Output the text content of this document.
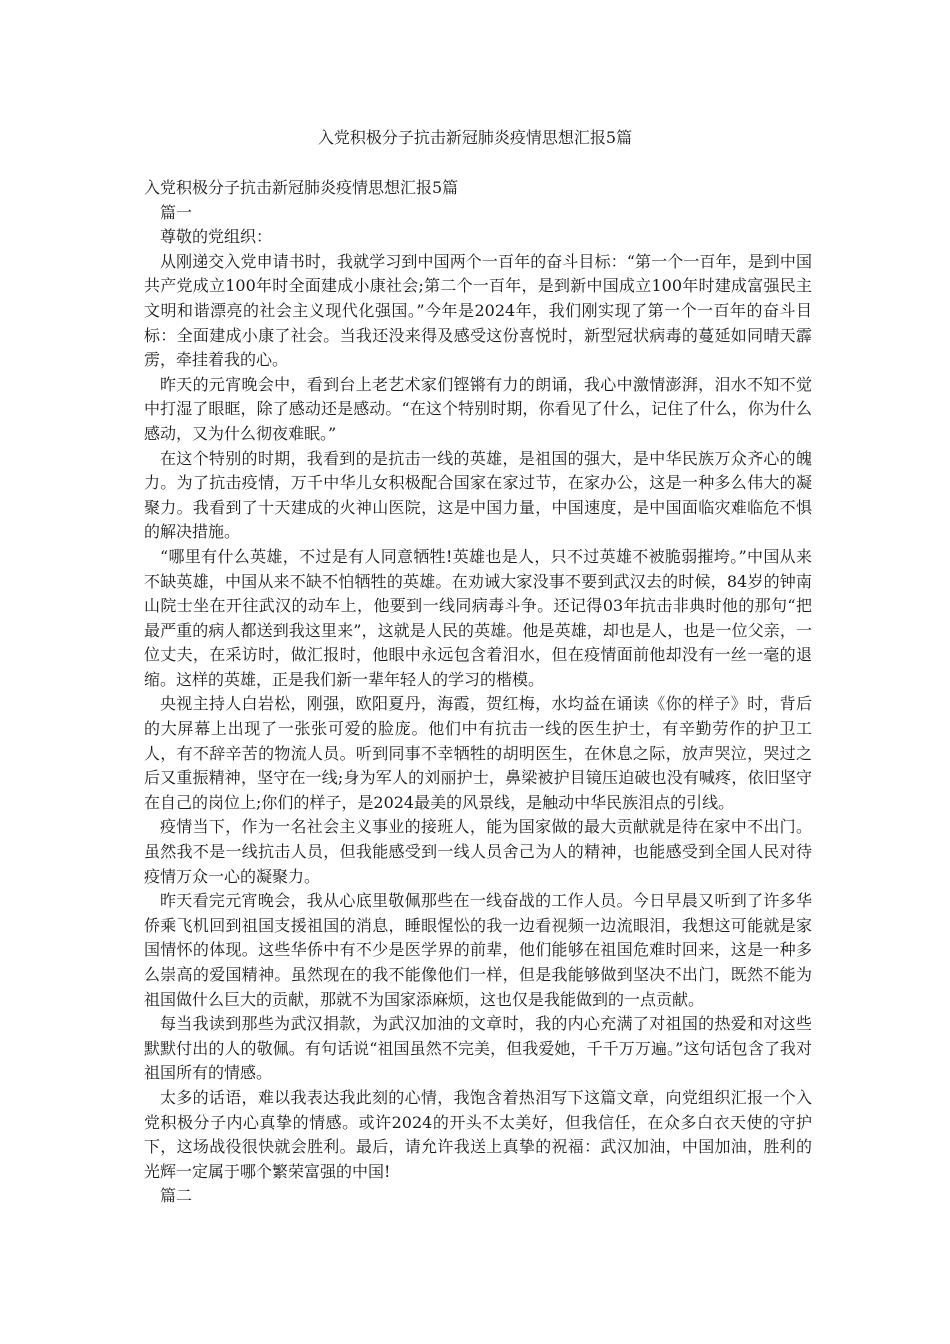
入党积极分子抗击新冠肺炎疫情思想汇报5篇

入党积极分子抗击新冠肺炎疫情思想汇报5篇

篇一

尊敬的党组织：

从刚递交入党申请书时，我就学习到中国两个一百年的奋斗目标：“第一个一百年，是到中国共产党成立100年时全面建成小康社会;第二个一百年，是到新中国成立100年时建成富强民主文明和谐漂亮的社会主义现代化强国。”今年是2024年，我们刚实现了第一个一百年的奋斗目标：全面建成小康了社会。当我还没来得及感受这份喜悦时，新型冠状病毒的蔓延如同晴天霹雳，牵挂着我的心。

昨天的元宵晚会中，看到台上老艺术家们铿锵有力的朗诵，我心中激情澎湃，泪水不知不觉中打湿了眼眶，除了感动还是感动。“在这个特别时期，你看见了什么，记住了什么，你为什么感动，又为什么彻夜难眠。”

在这个特别的时期，我看到的是抗击一线的英雄，是祖国的强大，是中华民族万众齐心的魄力。为了抗击疫情，万千中华儿女积极配合国家在家过节，在家办公，这是一种多么伟大的凝聚力。我看到了十天建成的火神山医院，这是中国力量，中国速度，是中国面临灾难临危不惧的解决措施。

“哪里有什么英雄，不过是有人同意牺牲!英雄也是人，只不过英雄不被脆弱摧垮。”中国从来不缺英雄，中国从来不缺不怕牺牲的英雄。在劝诫大家没事不要到武汉去的时候，84岁的钟南山院士坐在开往武汉的动车上，他要到一线同病毒斗争。还记得03年抗击非典时他的那句“把最严重的病人都送到我这里来”，这就是人民的英雄。他是英雄，却也是人，也是一位父亲，一位丈夫，在采访时，做汇报时，他眼中永远包含着泪水，但在疫情面前他却没有一丝一毫的退缩。这样的英雄，正是我们新一辈年轻人的学习的楷模。

央视主持人白岩松，刚强，欧阳夏丹，海霞，贺红梅，水均益在诵读《你的样子》时，背后的大屏幕上出现了一张张可爱的脸庞。他们中有抗击一线的医生护士，有辛勤劳作的护卫工人，有不辞辛苦的物流人员。听到同事不幸牺牲的胡明医生，在休息之际，放声哭泣，哭过之后又重振精神，坚守在一线;身为军人的刘丽护士，鼻梁被护目镜压迫破也没有喊疼，依旧坚守在自己的岗位上;你们的样子，是2024最美的风景线，是触动中华民族泪点的引线。

疫情当下，作为一名社会主义事业的接班人，能为国家做的最大贡献就是待在家中不出门。虽然我不是一线抗击人员，但我能感受到一线人员舍己为人的精神，也能感受到全国人民对待疫情万众一心的凝聚力。

昨天看完元宵晚会，我从心底里敬佩那些在一线奋战的工作人员。今日早晨又听到了许多华侨乘飞机回到祖国支援祖国的消息，睡眼惺忪的我一边看视频一边流眼泪，我想这可能就是家国情怀的体现。这些华侨中有不少是医学界的前辈，他们能够在祖国危难时回来，这是一种多么崇高的爱国精神。虽然现在的我不能像他们一样，但是我能够做到坚决不出门，既然不能为祖国做什么巨大的贡献，那就不为国家添麻烦，这也仅是我能做到的一点贡献。

每当我读到那些为武汉捐款，为武汉加油的文章时，我的内心充满了对祖国的热爱和对这些默默付出的人的敬佩。有句话说“祖国虽然不完美，但我爱她，千千万万遍。”这句话包含了我对祖国所有的情感。

太多的话语，难以我表达我此刻的心情，我饱含着热泪写下这篇文章，向党组织汇报一个入党积极分子内心真挚的情感。或许2024的开头不太美好，但我信任，在众多白衣天使的守护下，这场战役很快就会胜利。最后，请允许我送上真挚的祝福：武汉加油，中国加油，胜利的光辉一定属于哪个繁荣富强的中国!

篇二
